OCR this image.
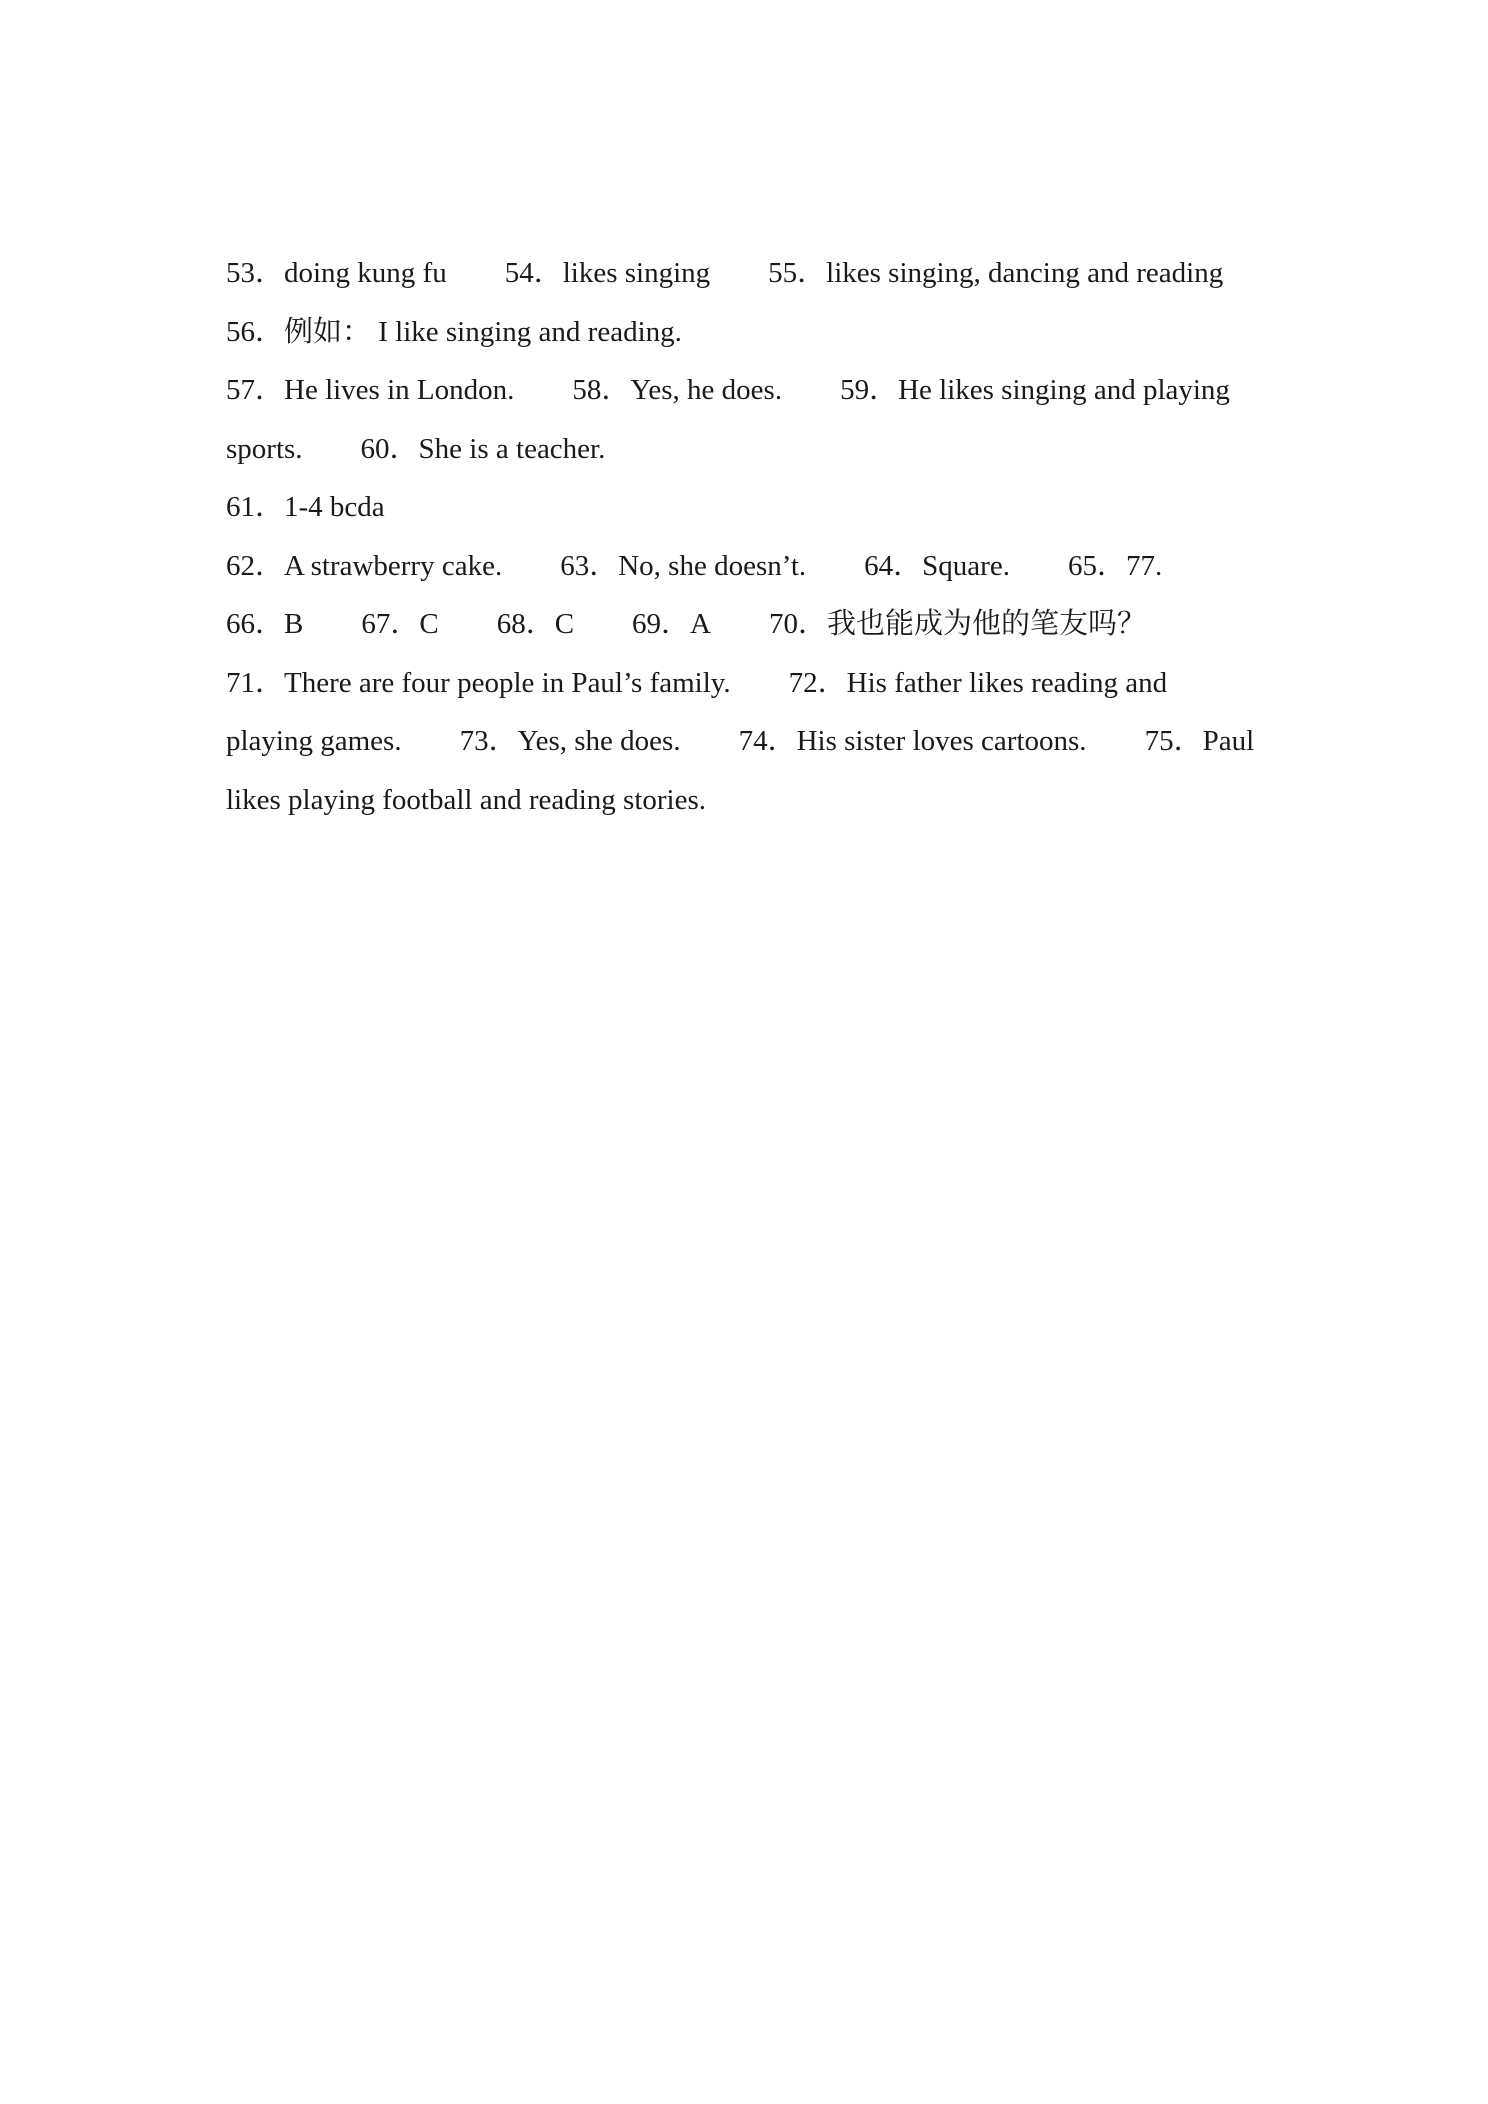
53．doing kung fu 54．likes singing 55．likes singing, dancing and reading
56．例如： I like singing and reading.
57．He lives in London. 58．Yes, he does. 59．He likes singing and playing
sports. 60．She is a teacher.
61．1-4 bcda
62．A strawberry cake. 63．No, she doesn’t. 64．Square. 65．77.
66．B 67．C 68．C 69．A 70．我也能成为他的笔友吗？
71．There are four people in Paul’s family. 72．His father likes reading and
playing games. 73．Yes, she does. 74．His sister loves cartoons. 75．Paul
likes playing football and reading stories.
